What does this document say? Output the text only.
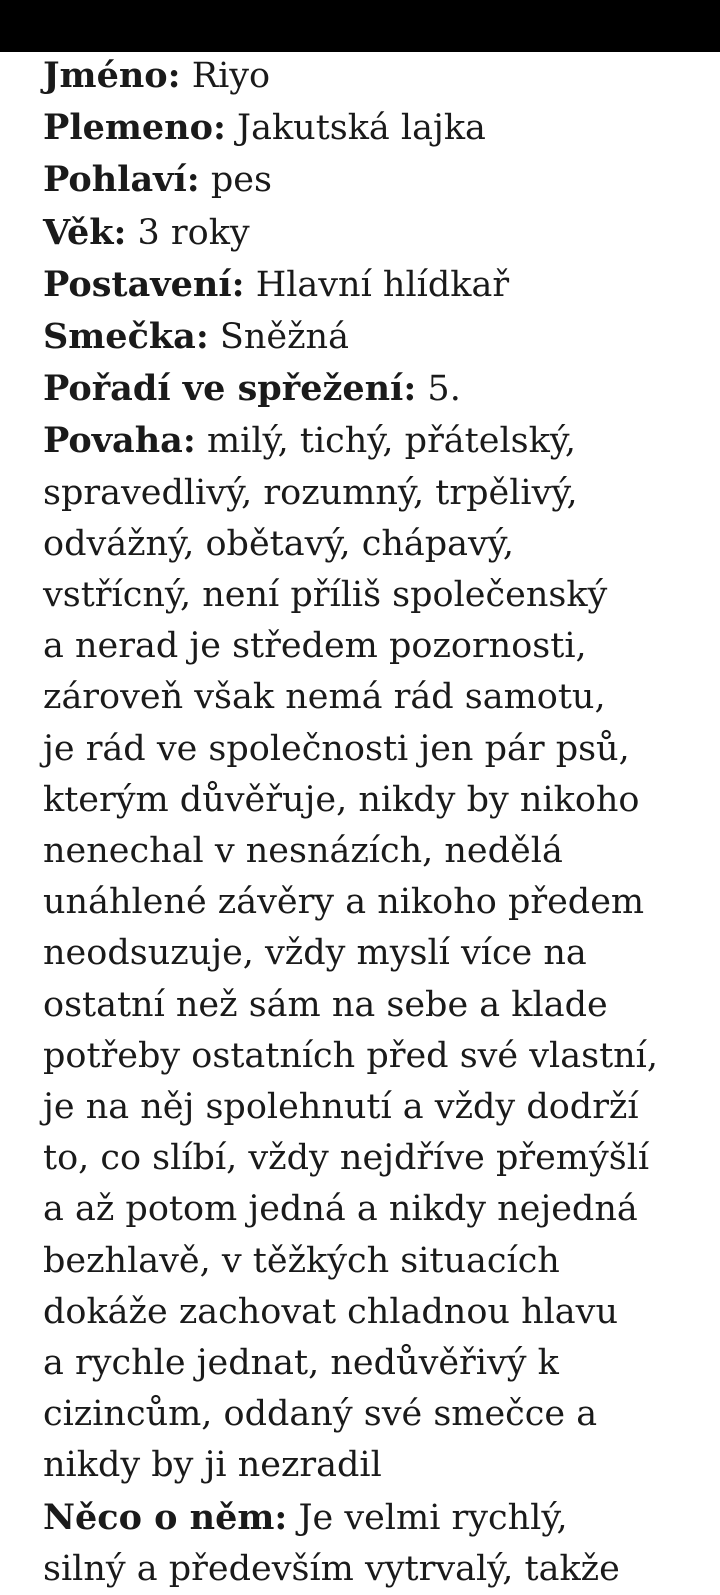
Jméno: Riyo

Plemeno: Jakutská lajka

Pohlaví: pes

Věk: 3 roky

Postavení: Hlavní hlídkař

Smečka: Sněžná

Pořadí ve spřežení: 5.

Povaha: milý, tichý, přátelský,
spravedlivý, rozumný, trpělivý,
odvážný, obětavý, chápavý,
vstřícný, není příliš společenský
a nerad je středem pozornosti,
zároveň však nemá rád samotu,
je rád ve společnosti jen pár psů,
kterým důvěřuje, nikdy by nikoho
nenechal v nesnázích, nedělá
unáhlené závěry a nikoho předem
neodsuzuje, vždy myslí více na
ostatní než sám na sebe a klade
potřeby ostatních před své vlastní,
je na něj spolehnutí a vždy dodrží
to, co slíbí, vždy nejdříve přemýšlí
a až potom jedná a nikdy nejedná
bezhlavě, v těžkých situacích
dokáže zachovat chladnou hlavu
a rychle jednat, nedůvěřivý k
cizincům, oddaný své smečce a
nikdy by ji nezradil
Něco o něm: Je velmi rychlý,
silný a především vytrvalý, takže
